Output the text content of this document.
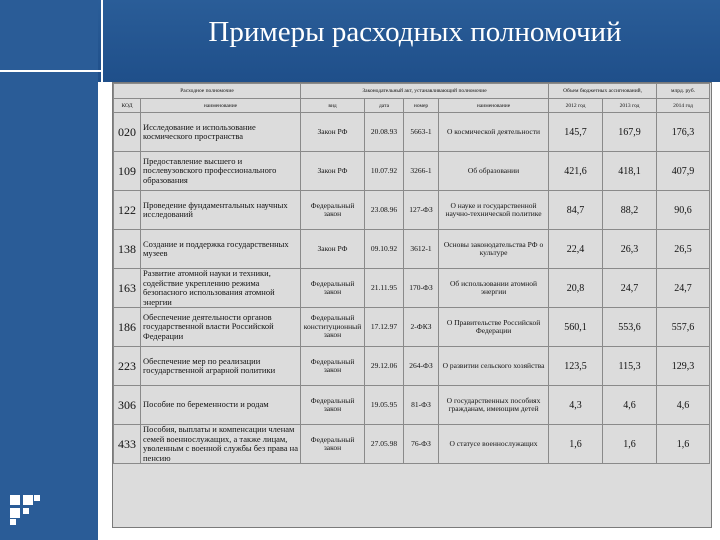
Примеры расходных полномочий
Расходное полномочие		Законодательный акт, устанавливающий полномочие				Объем бюджетных ассигнований,		млрд. руб.
КОД	наименование	вид	дата	номер	наименование	2012 год	2013 год	2014 год
020	Исследование и использование космического пространства	Закон РФ	20.08.93	5663-1	О космической деятельности	145,7	167,9	176,3
109	Предоставление высшего и послевузовского профессионального образования	Закон РФ	10.07.92	3266-1	Об образовании	421,6	418,1	407,9
122	Проведение фундаментальных научных исследований	Федеральный закон	23.08.96	127-ФЗ	О науке и государственной научно-технической политике	84,7	88,2	90,6
138	Создание и поддержка государственных музеев	Закон РФ	09.10.92	3612-1	Основы законодательства РФ о культуре	22,4	26,3	26,5
163	Развитие атомной науки и техники, содействие укреплению режима безопасного использования атомной энергии	Федеральный закон	21.11.95	170-ФЗ	Об использовании атомной энергии	20,8	24,7	24,7
186	Обеспечение деятельности органов государственной власти Российской Федерации	Федеральный конституционный закон	17.12.97	2-ФКЗ	О Правительстве Российской Федерации	560,1	553,6	557,6
223	Обеспечение мер по реализации государственной аграрной политики	Федеральный закон	29.12.06	264-ФЗ	О развитии сельского хозяйства	123,5	115,3	129,3
306	Пособие по беременности и родам	Федеральный закон	19.05.95	81-ФЗ	О государственных пособиях гражданам, имеющим детей	4,3	4,6	4,6
433	Пособия, выплаты и компенсации членам семей военнослужащих, а также лицам, уволенным с военной службы без права на пенсию	Федеральный закон	27.05.98	76-ФЗ	О статусе военнослужащих	1,6	1,6	1,6
